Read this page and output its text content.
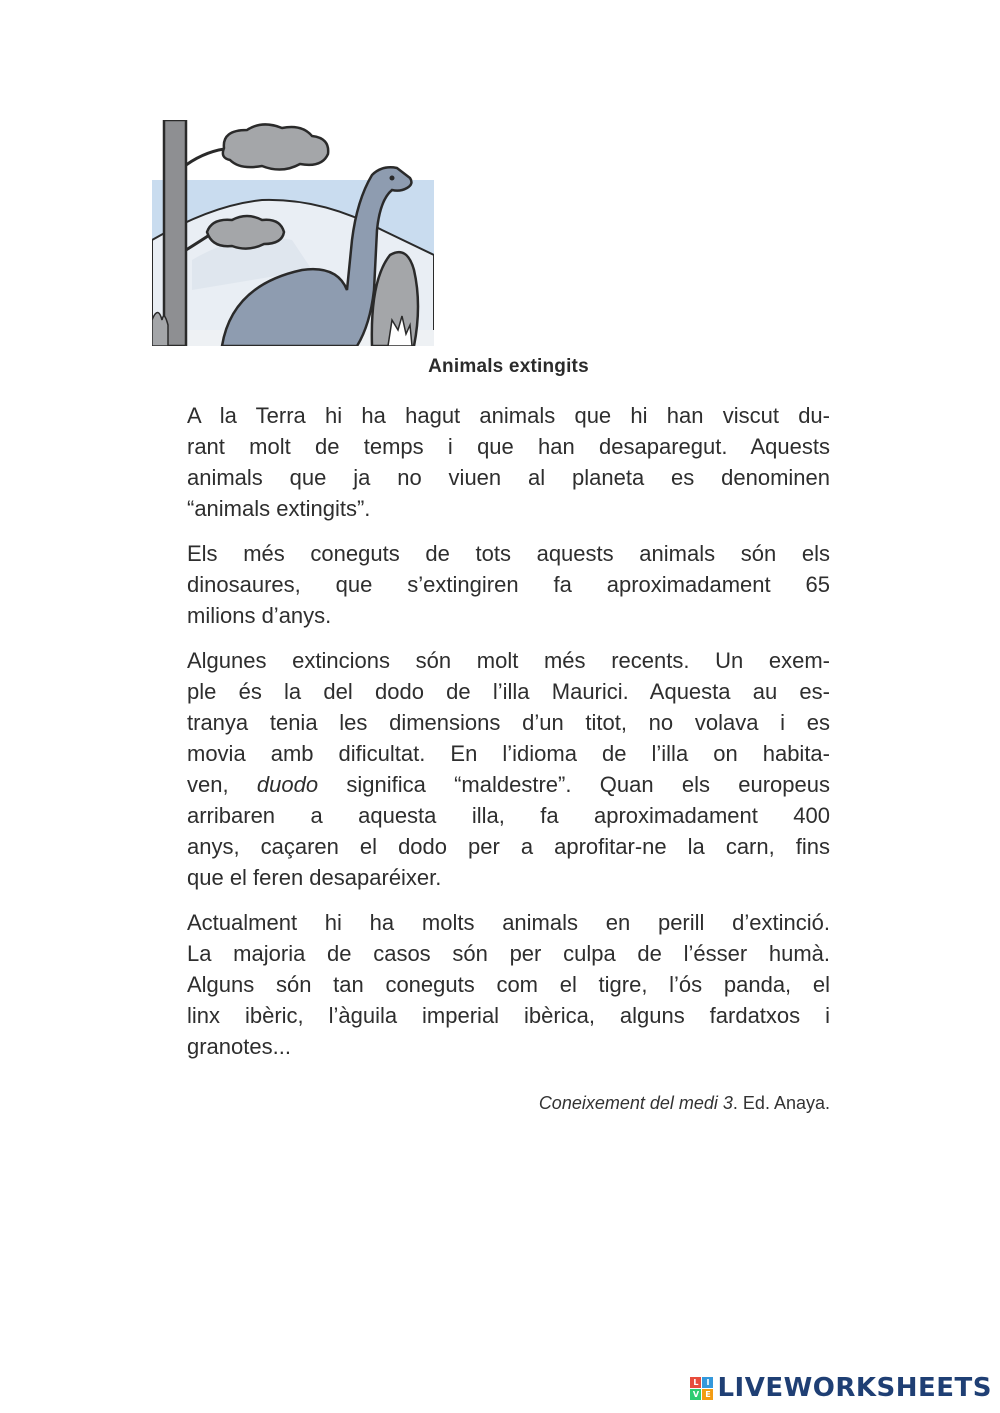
Animals extingits

A la Terra hi ha hagut animals que hi han viscut du-
rant molt de temps i que han desaparegut. Aquests
animals que ja no viuen al planeta es denominen
“animals extingits”.

Els més coneguts de tots aquests animals són els
dinosaures, que s’extingiren fa aproximadament 65
milions d’anys.

Algunes extincions són molt més recents. Un exem-
ple és la del dodo de l’illa Maurici. Aquesta au es-
tranya tenia les dimensions d’un titot, no volava i es
movia amb dificultat. En l’idioma de l’illa on habita-
ven, duodo significa “maldestre”. Quan els europeus
arribaren a aquesta illa, fa aproximadament 400
anys, caçaren el dodo per a aprofitar-ne la carn, fins
que el feren desaparéixer.

Actualment hi ha molts animals en perill d’extinció.
La majoria de casos són per culpa de l’ésser humà.
Alguns són tan coneguts com el tigre, l’ós panda, el
linx ibèric, l’àguila imperial ibèrica, alguns fardatxos i
granotes...

Coneixement del medi 3. Ed. Anaya.
L I
V E LIVEWORKSHEETS
